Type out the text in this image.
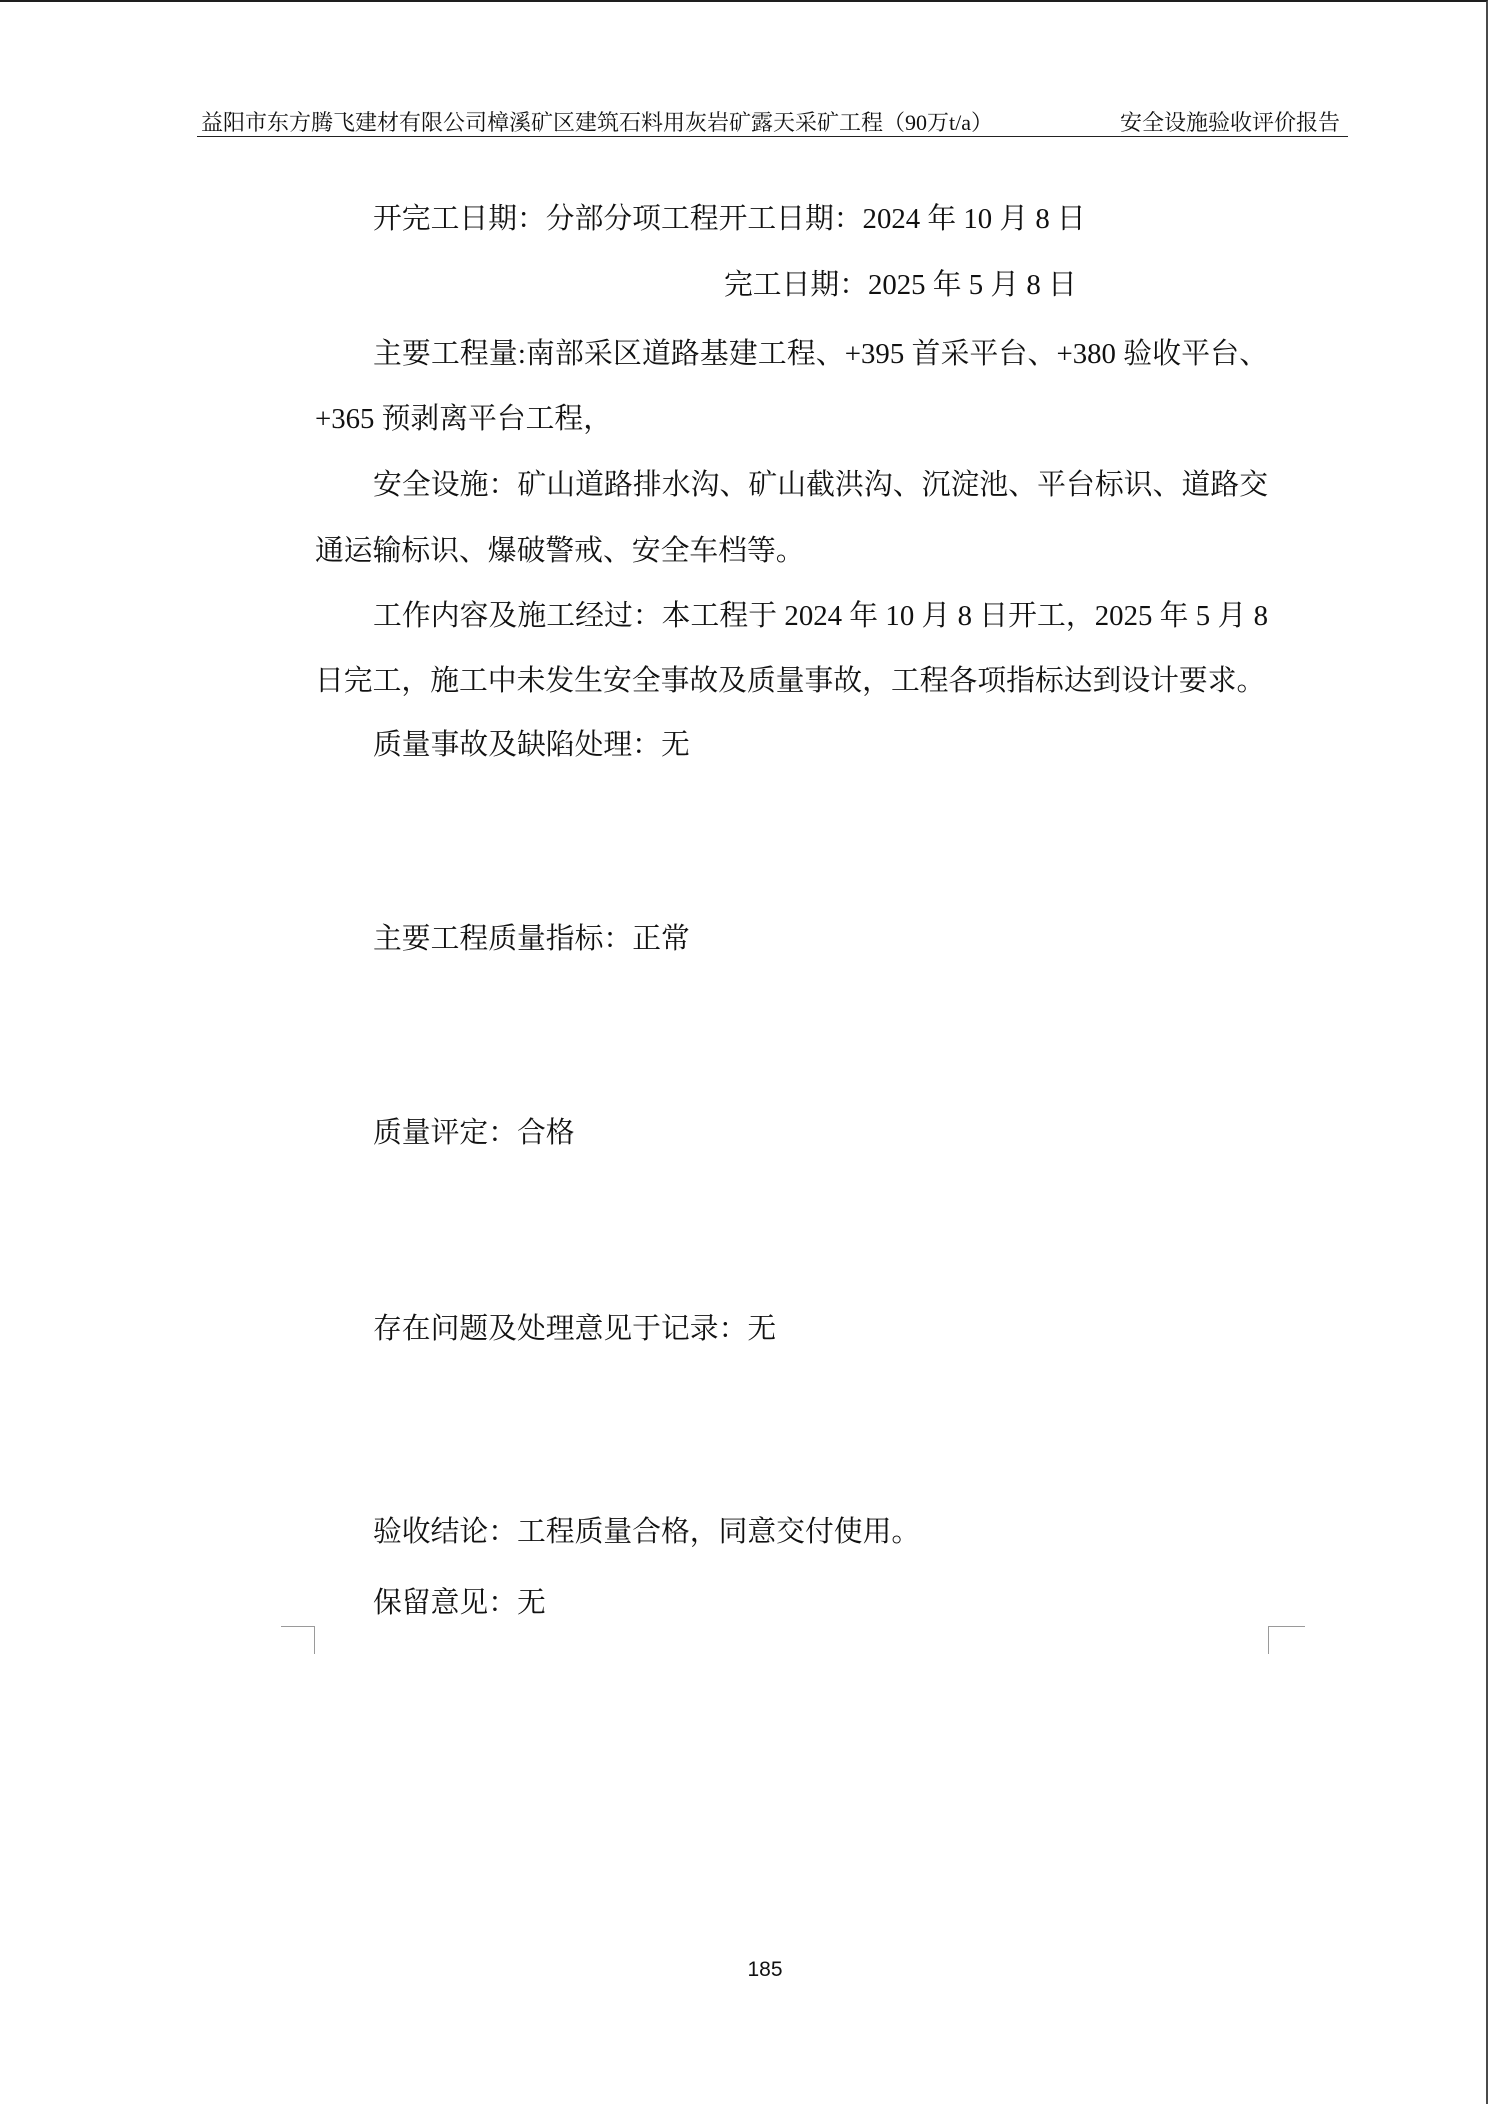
益阳市东方腾飞建材有限公司樟溪矿区建筑石料用灰岩矿露天采矿工程（90万t/a）	安全设施验收评价报告
开完工日期：分部分项工程开工日期：2024 年 10 月 8 日
完工日期：2025 年 5 月 8 日
主要工程量:南部采区道路基建工程、+395 首采平台、+380 验收平台、
+365 预剥离平台工程，
安全设施：矿山道路排水沟、矿山截洪沟、沉淀池、平台标识、道路交
通运输标识、爆破警戒、安全车档等。
工作内容及施工经过：本工程于 2024 年 10 月 8 日开工，2025 年 5 月 8
日完工，施工中未发生安全事故及质量事故，工程各项指标达到设计要求。
质量事故及缺陷处理：无
主要工程质量指标：正常
质量评定：合格
存在问题及处理意见于记录：无
验收结论：工程质量合格，同意交付使用。
保留意见：无
185
